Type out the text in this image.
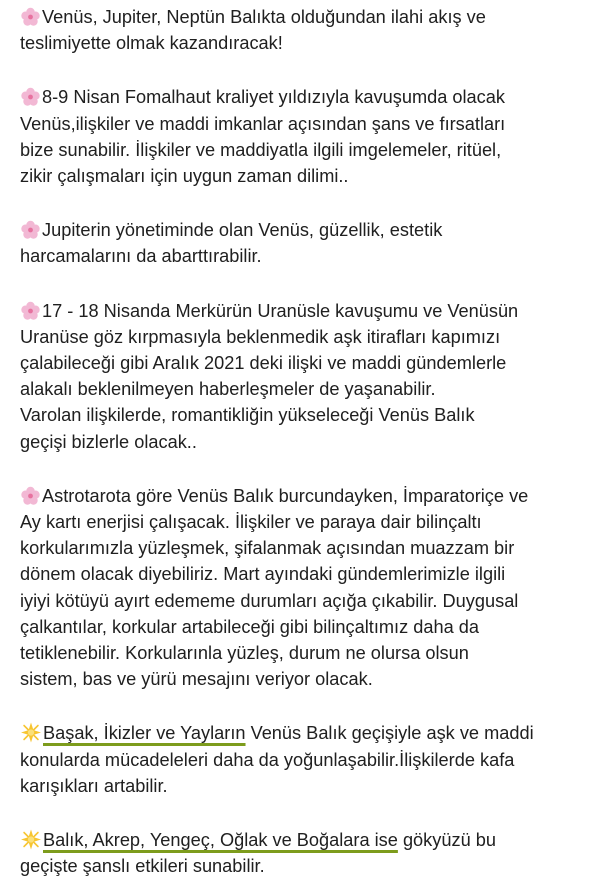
Venüs, Jupiter, Neptün Balıkta olduğundan ilahi akış ve
teslimiyette olmak kazandıracak!

8-9 Nisan Fomalhaut kraliyet yıldızıyla kavuşumda olacak
Venüs,ilişkiler ve maddi imkanlar açısından şans ve fırsatları
bize sunabilir. İlişkiler ve maddiyatla ilgili imgelemeler, ritüel,
zikir çalışmaları için uygun zaman dilimi..

Jupiterin yönetiminde olan Venüs, güzellik, estetik
harcamalarını da abarttırabilir.

17 - 18 Nisanda Merkürün Uranüsle kavuşumu ve Venüsün
Uranüse göz kırpmasıyla beklenmedik aşk itirafları kapımızı
çalabileceği gibi Aralık 2021 deki ilişki ve maddi gündemlerle
alakalı beklenilmeyen haberleşmeler de yaşanabilir.
Varolan ilişkilerde, romantikliğin yükseleceği Venüs Balık
geçişi bizlerle olacak..

Astrotarota göre Venüs Balık burcundayken, İmparatoriçe ve
Ay kartı enerjisi çalışacak. İlişkiler ve paraya dair bilinçaltı
korkularımızla yüzleşmek, şifalanmak açısından muazzam bir
dönem olacak diyebiliriz. Mart ayındaki gündemlerimizle ilgili
iyiyi kötüyü ayırt edememe durumları açığa çıkabilir. Duygusal
çalkantılar, korkular artabileceği gibi bilinçaltımız daha da
tetiklenebilir. Korkularınla yüzleş, durum ne olursa olsun
sistem, bas ve yürü mesajını veriyor olacak.

Başak, İkizler ve Yayların Venüs Balık geçişiyle aşk ve maddi
konularda mücadeleleri daha da yoğunlaşabilir.İlişkilerde kafa
karışıkları artabilir.

Balık, Akrep, Yengeç, Oğlak ve Boğalara ise gökyüzü bu
geçişte şanslı etkileri sunabilir.
